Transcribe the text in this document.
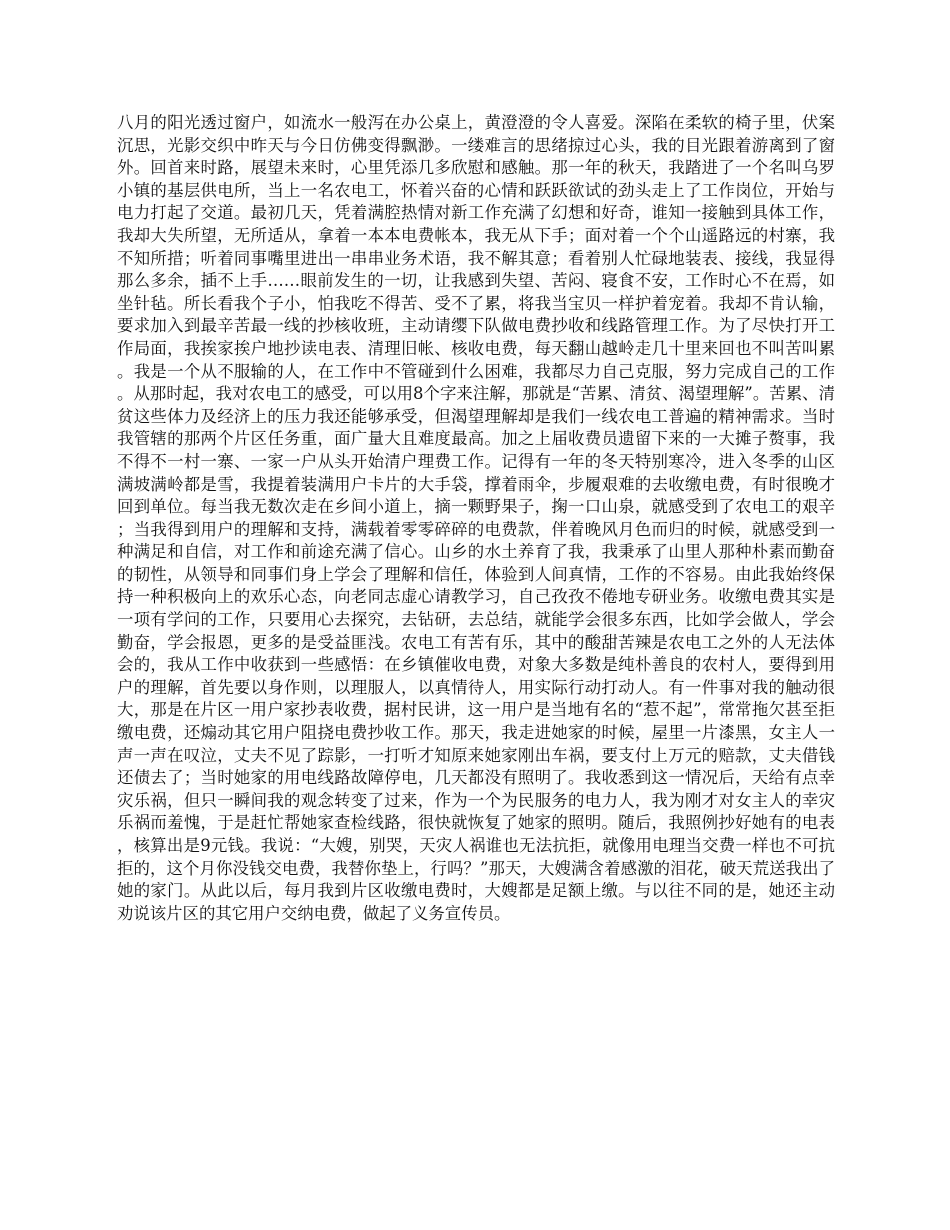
八月的阳光透过窗户，如流水一般泻在办公桌上，黄澄澄的令人喜爱。深陷在柔软的椅子里，伏案沉思，光影交织中昨天与今日仿佛变得飘渺。一缕难言的思绪掠过心头，我的目光跟着游离到了窗外。回首来时路，展望未来时，心里凭添几多欣慰和感触。那一年的秋天，我踏进了一个名叫乌罗小镇的基层供电所，当上一名农电工，怀着兴奋的心情和跃跃欲试的劲头走上了工作岗位，开始与电力打起了交道。最初几天，凭着满腔热情对新工作充满了幻想和好奇，谁知一接触到具体工作，我却大失所望，无所适从，拿着一本本电费帐本，我无从下手；面对着一个个山遥路远的村寨，我不知所措；听着同事嘴里进出一串串业务术语，我不解其意；看着别人忙碌地装表、接线，我显得那么多余，插不上手……眼前发生的一切，让我感到失望、苦闷、寝食不安，工作时心不在焉，如坐针毡。所长看我个子小，怕我吃不得苦、受不了累，将我当宝贝一样护着宠着。我却不肯认输，要求加入到最辛苦最一线的抄核收班，主动请缨下队做电费抄收和线路管理工作。为了尽快打开工作局面，我挨家挨户地抄读电表、清理旧帐、核收电费，每天翻山越岭走几十里来回也不叫苦叫累。我是一个从不服输的人，在工作中不管碰到什么困难，我都尽力自己克服，努力完成自己的工作。从那时起，我对农电工的感受，可以用8个字来注解，那就是“苦累、清贫、渴望理解”。苦累、清贫这些体力及经济上的压力我还能够承受，但渴望理解却是我们一线农电工普遍的精神需求。当时我管辖的那两个片区任务重，面广量大且难度最高。加之上届收费员遗留下来的一大摊子赘事，我不得不一村一寨、一家一户从头开始清户理费工作。记得有一年的冬天特别寒冷，进入冬季的山区满坡满岭都是雪，我提着装满用户卡片的大手袋，撑着雨伞，步履艰难的去收缴电费，有时很晚才回到单位。每当我无数次走在乡间小道上，摘一颗野果子，掬一口山泉，就感受到了农电工的艰辛；当我得到用户的理解和支持，满载着零零碎碎的电费款，伴着晚风月色而归的时候，就感受到一种满足和自信，对工作和前途充满了信心。山乡的水土养育了我，我秉承了山里人那种朴素而勤奋的韧性，从领导和同事们身上学会了理解和信任，体验到人间真情，工作的不容易。由此我始终保持一种积极向上的欢乐心态，向老同志虚心请教学习，自己孜孜不倦地专研业务。收缴电费其实是一项有学问的工作，只要用心去探究，去钻研，去总结，就能学会很多东西，比如学会做人，学会勤奋，学会报恩，更多的是受益匪浅。农电工有苦有乐，其中的酸甜苦辣是农电工之外的人无法体会的，我从工作中收获到一些感悟：在乡镇催收电费，对象大多数是纯朴善良的农村人，要得到用户的理解，首先要以身作则，以理服人，以真情待人，用实际行动打动人。有一件事对我的触动很大，那是在片区一用户家抄表收费，据村民讲，这一用户是当地有名的“惹不起”，常常拖欠甚至拒缴电费，还煽动其它用户阻挠电费抄收工作。那天，我走进她家的时候，屋里一片漆黑，女主人一声一声在叹泣，丈夫不见了踪影，一打听才知原来她家刚出车祸，要支付上万元的赔款，丈夫借钱还债去了；当时她家的用电线路故障停电，几天都没有照明了。我收悉到这一情况后，天给有点幸灾乐祸，但只一瞬间我的观念转变了过来，作为一个为民服务的电力人，我为刚才对女主人的幸灾乐祸而羞愧，于是赶忙帮她家查检线路，很快就恢复了她家的照明。随后，我照例抄好她有的电表，核算出是9元钱。我说：“大嫂，别哭，天灾人祸谁也无法抗拒，就像用电理当交费一样也不可抗拒的，这个月你没钱交电费，我替你垫上，行吗？”那天，大嫂满含着感激的泪花，破天荒送我出了她的家门。从此以后，每月我到片区收缴电费时，大嫂都是足额上缴。与以往不同的是，她还主动劝说该片区的其它用户交纳电费，做起了义务宣传员。
